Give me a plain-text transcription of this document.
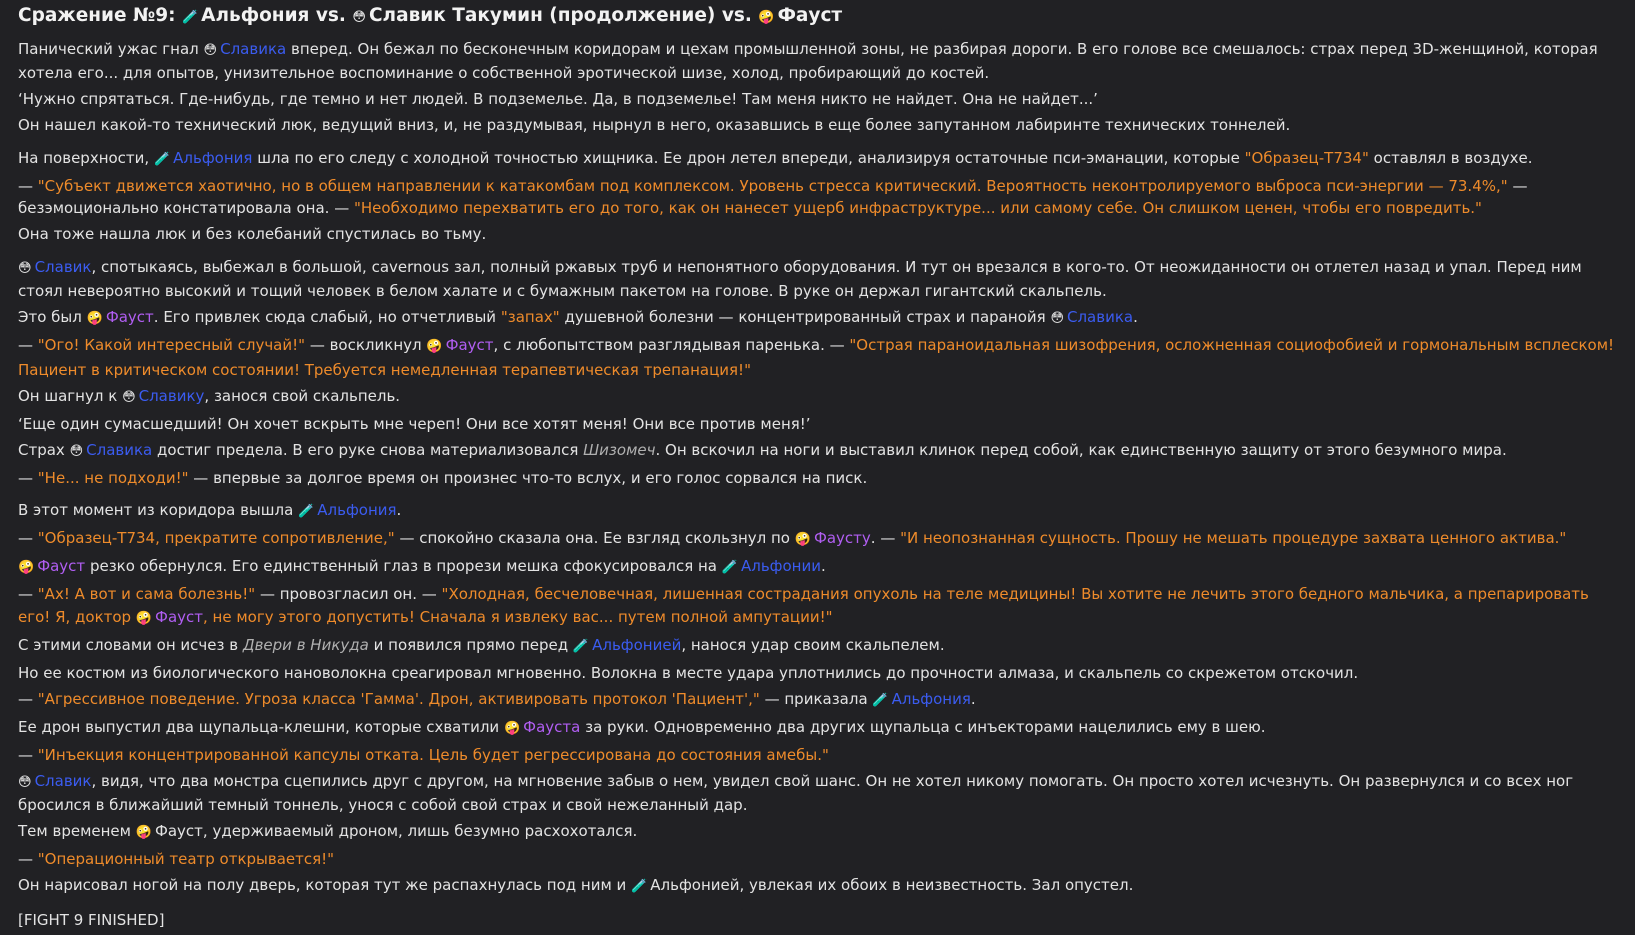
Сражение №9: 🧪 Альфония vs. 😳 Славик Такумин (продолжение) vs. 🤪 Фауст
Панический ужас гнал 😳 Славика вперед. Он бежал по бесконечным коридорам и цехам промышленной зоны, не разбирая дороги. В его голове все смешалось: страх перед 3D-женщиной, которая хотела его... для опытов, унизительное воспоминание о собственной эротической шизе, холод, пробирающий до костей.
‘Нужно спрятаться. Где-нибудь, где темно и нет людей. В подземелье. Да, в подземелье! Там меня никто не найдет. Она не найдет...’
Он нашел какой-то технический люк, ведущий вниз, и, не раздумывая, нырнул в него, оказавшись в еще более запутанном лабиринте технических тоннелей.
На поверхности, 🧪 Альфония шла по его следу с холодной точностью хищника. Ее дрон летел впереди, анализируя остаточные пси-эманации, которые "Образец-Т734" оставлял в воздухе.
— "Субъект движется хаотично, но в общем направлении к катакомбам под комплексом. Уровень стресса критический. Вероятность неконтролируемого выброса пси-энергии — 73.4%," — безэмоционально констатировала она. — "Необходимо перехватить его до того, как он нанесет ущерб инфраструктуре... или самому себе. Он слишком ценен, чтобы его повредить."
Она тоже нашла люк и без колебаний спустилась во тьму.
😳 Славик, спотыкаясь, выбежал в большой, cavernous зал, полный ржавых труб и непонятного оборудования. И тут он врезался в кого-то. От неожиданности он отлетел назад и упал. Перед ним стоял невероятно высокий и тощий человек в белом халате и с бумажным пакетом на голове. В руке он держал гигантский скальпель.
Это был 🤪 Фауст. Его привлек сюда слабый, но отчетливый "запах" душевной болезни — концентрированный страх и паранойя 😳 Славика.
— "Ого! Какой интересный случай!" — воскликнул 🤪 Фауст, с любопытством разглядывая паренька. — "Острая параноидальная шизофрения, осложненная социофобией и гормональным всплеском! Пациент в критическом состоянии! Требуется немедленная терапевтическая трепанация!"
Он шагнул к 😳 Славику, занося свой скальпель.
‘Еще один сумасшедший! Он хочет вскрыть мне череп! Они все хотят меня! Они все против меня!’
Страх 😳 Славика достиг предела. В его руке снова материализовался Шизомеч. Он вскочил на ноги и выставил клинок перед собой, как единственную защиту от этого безумного мира.
— "Не... не подходи!" — впервые за долгое время он произнес что-то вслух, и его голос сорвался на писк.
В этот момент из коридора вышла 🧪 Альфония.
— "Образец-Т734, прекратите сопротивление," — спокойно сказала она. Ее взгляд скользнул по 🤪 Фаусту. — "И неопознанная сущность. Прошу не мешать процедуре захвата ценного актива."
🤪 Фауст резко обернулся. Его единственный глаз в прорези мешка сфокусировался на 🧪 Альфонии.
— "Ах! А вот и сама болезнь!" — провозгласил он. — "Холодная, бесчеловечная, лишенная сострадания опухоль на теле медицины! Вы хотите не лечить этого бедного мальчика, а препарировать его! Я, доктор 🤪 Фауст, не могу этого допустить! Сначала я извлеку вас... путем полной ампутации!"
С этими словами он исчез в Двери в Никуда и появился прямо перед 🧪 Альфонией, нанося удар своим скальпелем.
Но ее костюм из биологического нановолокна среагировал мгновенно. Волокна в месте удара уплотнились до прочности алмаза, и скальпель со скрежетом отскочил.
— "Агрессивное поведение. Угроза класса 'Гамма'. Дрон, активировать протокол 'Пациент'," — приказала 🧪 Альфония.
Ее дрон выпустил два щупальца-клешни, которые схватили 🤪 Фауста за руки. Одновременно два других щупальца с инъекторами нацелились ему в шею.
— "Инъекция концентрированной капсулы отката. Цель будет регрессирована до состояния амебы."
😳 Славик, видя, что два монстра сцепились друг с другом, на мгновение забыв о нем, увидел свой шанс. Он не хотел никому помогать. Он просто хотел исчезнуть. Он развернулся и со всех ног бросился в ближайший темный тоннель, унося с собой свой страх и свой нежеланный дар.
Тем временем 🤪 Фауст, удерживаемый дроном, лишь безумно расхохотался.
— "Операционный театр открывается!"
Он нарисовал ногой на полу дверь, которая тут же распахнулась под ним и 🧪 Альфонией, увлекая их обоих в неизвестность. Зал опустел.
[FIGHT 9 FINISHED]
